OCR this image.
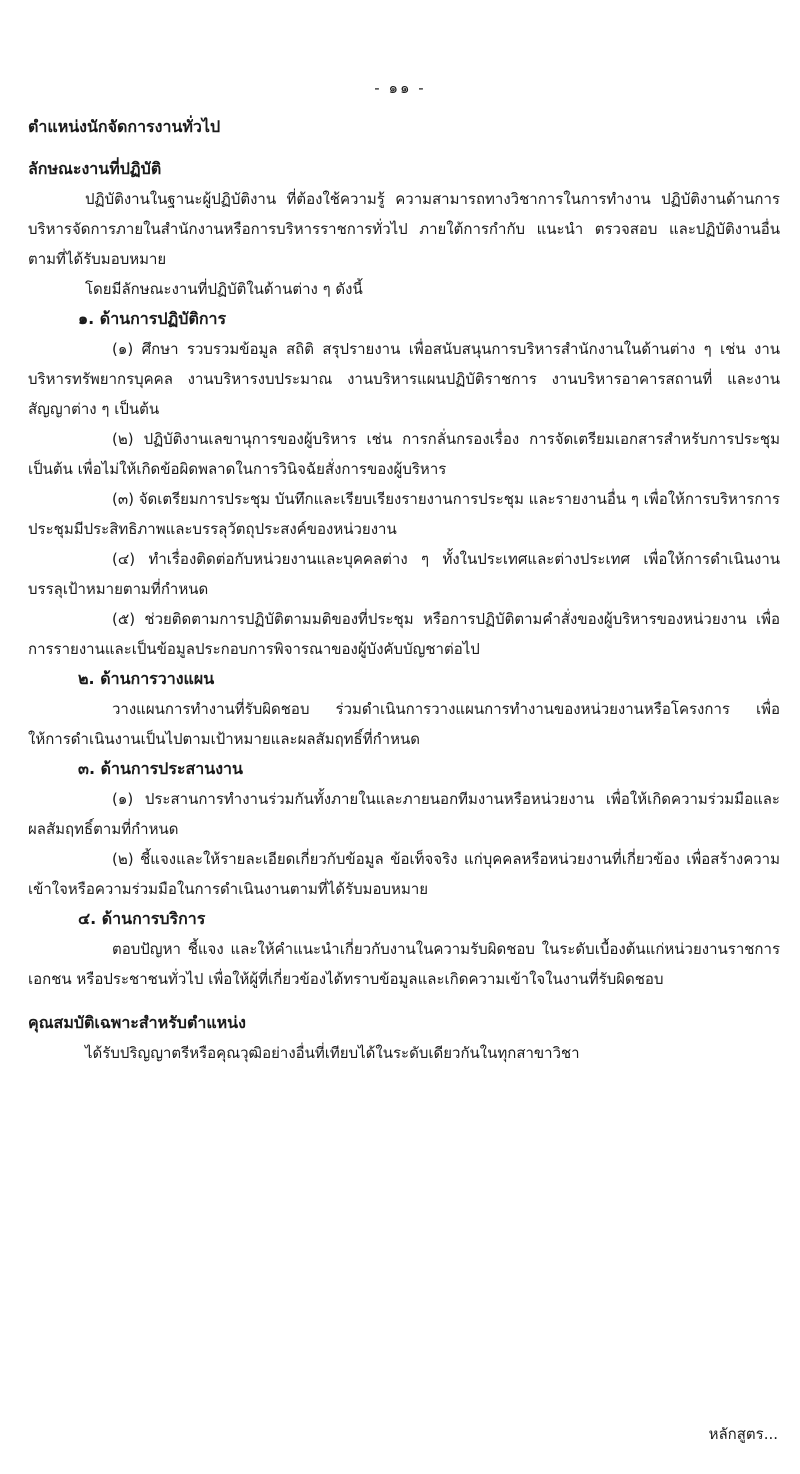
- ๑๑ -
ตำแหน่งนักจัดการงานทั่วไป
ลักษณะงานที่ปฏิบัติ

ปฏิบัติงานในฐานะผู้ปฏิบัติงาน ที่ต้องใช้ความรู้ ความสามารถทางวิชาการในการทำงาน ปฏิบัติงานด้านการบริหารจัดการภายในสำนักงานหรือการบริหารราชการทั่วไป ภายใต้การกำกับ แนะนำ ตรวจสอบ และปฏิบัติงานอื่นตามที่ได้รับมอบหมาย

โดยมีลักษณะงานที่ปฏิบัติในด้านต่าง ๆ ดังนี้

๑. ด้านการปฏิบัติการ

(๑) ศึกษา รวบรวมข้อมูล สถิติ สรุปรายงาน เพื่อสนับสนุนการบริหารสำนักงานในด้านต่าง ๆ เช่น งานบริหารทรัพยากรบุคคล งานบริหารงบประมาณ งานบริหารแผนปฏิบัติราชการ งานบริหารอาคารสถานที่ และงานสัญญาต่าง ๆ เป็นต้น

(๒) ปฏิบัติงานเลขานุการของผู้บริหาร เช่น การกลั่นกรองเรื่อง การจัดเตรียมเอกสารสำหรับการประชุม เป็นต้น เพื่อไม่ให้เกิดข้อผิดพลาดในการวินิจฉัยสั่งการของผู้บริหาร

(๓) จัดเตรียมการประชุม บันทึกและเรียบเรียงรายงานการประชุม และรายงานอื่น ๆ เพื่อให้การบริหารการประชุมมีประสิทธิภาพและบรรลุวัตถุประสงค์ของหน่วยงาน

(๔) ทำเรื่องติดต่อกับหน่วยงานและบุคคลต่าง ๆ ทั้งในประเทศและต่างประเทศ เพื่อให้การดำเนินงานบรรลุเป้าหมายตามที่กำหนด

(๕) ช่วยติดตามการปฏิบัติตามมติของที่ประชุม หรือการปฏิบัติตามคำสั่งของผู้บริหารของหน่วยงาน เพื่อการรายงานและเป็นข้อมูลประกอบการพิจารณาของผู้บังคับบัญชาต่อไป

๒. ด้านการวางแผน

วางแผนการทำงานที่รับผิดชอบ ร่วมดำเนินการวางแผนการทำงานของหน่วยงานหรือโครงการ เพื่อให้การดำเนินงานเป็นไปตามเป้าหมายและผลสัมฤทธิ์ที่กำหนด

๓. ด้านการประสานงาน

(๑) ประสานการทำงานร่วมกันทั้งภายในและภายนอกทีมงานหรือหน่วยงาน เพื่อให้เกิดความร่วมมือและผลสัมฤทธิ์ตามที่กำหนด

(๒) ชี้แจงและให้รายละเอียดเกี่ยวกับข้อมูล ข้อเท็จจริง แก่บุคคลหรือหน่วยงานที่เกี่ยวข้อง เพื่อสร้างความเข้าใจหรือความร่วมมือในการดำเนินงานตามที่ได้รับมอบหมาย

๔. ด้านการบริการ

ตอบปัญหา ชี้แจง และให้คำแนะนำเกี่ยวกับงานในความรับผิดชอบ ในระดับเบื้องต้นแก่หน่วยงานราชการ เอกชน หรือประชาชนทั่วไป เพื่อให้ผู้ที่เกี่ยวข้องได้ทราบข้อมูลและเกิดความเข้าใจในงานที่รับผิดชอบ

คุณสมบัติเฉพาะสำหรับตำแหน่ง

ได้รับปริญญาตรีหรือคุณวุฒิอย่างอื่นที่เทียบได้ในระดับเดียวกันในทุกสาขาวิชา

หลักสูตร...
